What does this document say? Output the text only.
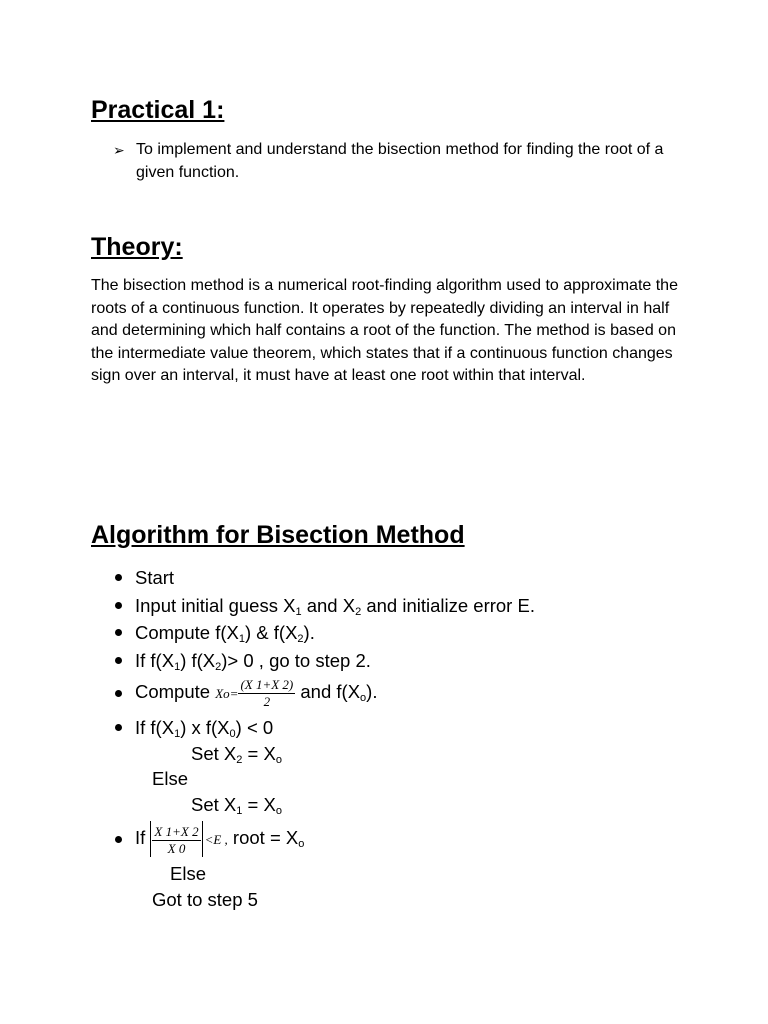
Practical 1:
➢ To implement and understand the bisection method for finding the root of a given function.
Theory:

The bisection method is a numerical root-finding algorithm used to approximate the roots of a continuous function. It operates by repeatedly dividing an interval in half and determining which half contains a root of the function. The method is based on the intermediate value theorem, which states that if a continuous function changes sign over an interval, it must have at least one root within that interval.

Algorithm for Bisection Method
Start
Input initial guess $X_1$ and $X_2$ and initialize error E.
Compute $f(X_1)$ & $f(X_2)$.
If $f(X_1)$ $f(X_2)> 0$ , go to step 2.
Compute $Xo= \frac{(X 1+X 2)}{2}$ and $f(X_o)$.
If $f(X_1)$ x $f(X_0) < 0$
Set $X_2 = X_o$
Else
Set $X_1 = X_o$
If $\frac{X 1+X 2}{X 0} <E$ , root = $X_o$
Else
Got to step 5
